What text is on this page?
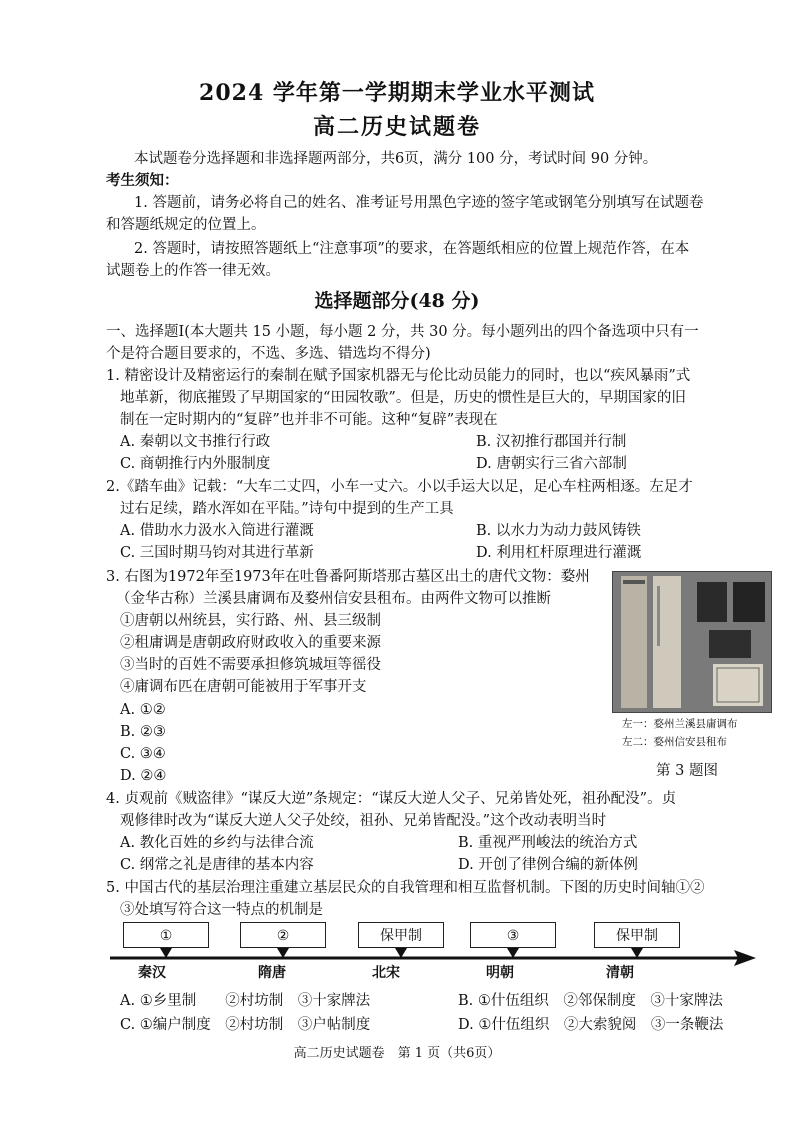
2024 学年第一学期期末学业水平测试
高二历史试题卷
本试题卷分选择题和非选择题两部分，共6页，满分 100 分，考试时间 90 分钟。
考生须知：
1. 答题前，请务必将自己的姓名、准考证号用黑色字迹的签字笔或钢笔分别填写在试题卷
和答题纸规定的位置上。
2. 答题时，请按照答题纸上“注意事项”的要求，在答题纸相应的位置上规范作答，在本
试题卷上的作答一律无效。
选择题部分(48 分)
一、选择题Ⅰ(本大题共 15 小题，每小题 2 分，共 30 分。每小题列出的四个备选项中只有一
个是符合题目要求的，不选、多选、错选均不得分)
1. 精密设计及精密运行的秦制在赋予国家机器无与伦比动员能力的同时，也以“疾风暴雨”式
地革新，彻底摧毁了早期国家的“田园牧歌”。但是，历史的惯性是巨大的，早期国家的旧
制在一定时期内的“复辟”也并非不可能。这种“复辟”表现在
A. 秦朝以文书推行行政	B. 汉初推行郡国并行制
C. 商朝推行内外服制度	D. 唐朝实行三省六部制
2.《踏车曲》记载：“大车二丈四，小车一丈六。小以手运大以足，足心车柱两相逐。左足才
过右足续，踏水浑如在平陆。”诗句中提到的生产工具
A. 借助水力汲水入筒进行灌溉	B. 以水力为动力鼓风铸铁
C. 三国时期马钧对其进行革新	D. 利用杠杆原理进行灌溉
3. 右图为1972年至1973年在吐鲁番阿斯塔那古墓区出土的唐代文物：婺州
（金华古称）兰溪县庸调布及婺州信安县租布。由两件文物可以推断
①唐朝以州统县，实行路、州、县三级制
②租庸调是唐朝政府财政收入的重要来源
③当时的百姓不需要承担修筑城垣等徭役
④庸调布匹在唐朝可能被用于军事开支
A. ①②
B. ②③
C. ③④
D. ②④
左一：婺州兰溪县庸调布
左二：婺州信安县租布
第 3 题图
4. 贞观前《贼盗律》“谋反大逆”条规定：“谋反大逆人父子、兄弟皆处死，祖孙配没”。贞
观修律时改为“谋反大逆人父子处绞，祖孙、兄弟皆配没。”这个改动表明当时
A. 教化百姓的乡约与法律合流	B. 重视严刑峻法的统治方式
C. 纲常之礼是唐律的基本内容	D. 开创了律例合编的新体例
5. 中国古代的基层治理注重建立基层民众的自我管理和相互监督机制。下图的历史时间轴①②
③处填写符合这一特点的机制是
①	②	保甲制	③	保甲制
秦汉	隋唐	北宋	明朝	清朝
A. ①乡里制　　②村坊制　③十家牌法	B. ①什伍组织　②邻保制度　③十家牌法
C. ①编户制度　②村坊制　③户帖制度	D. ①什伍组织　②大索貌阅　③一条鞭法
高二历史试题卷　第 1 页（共6页）
